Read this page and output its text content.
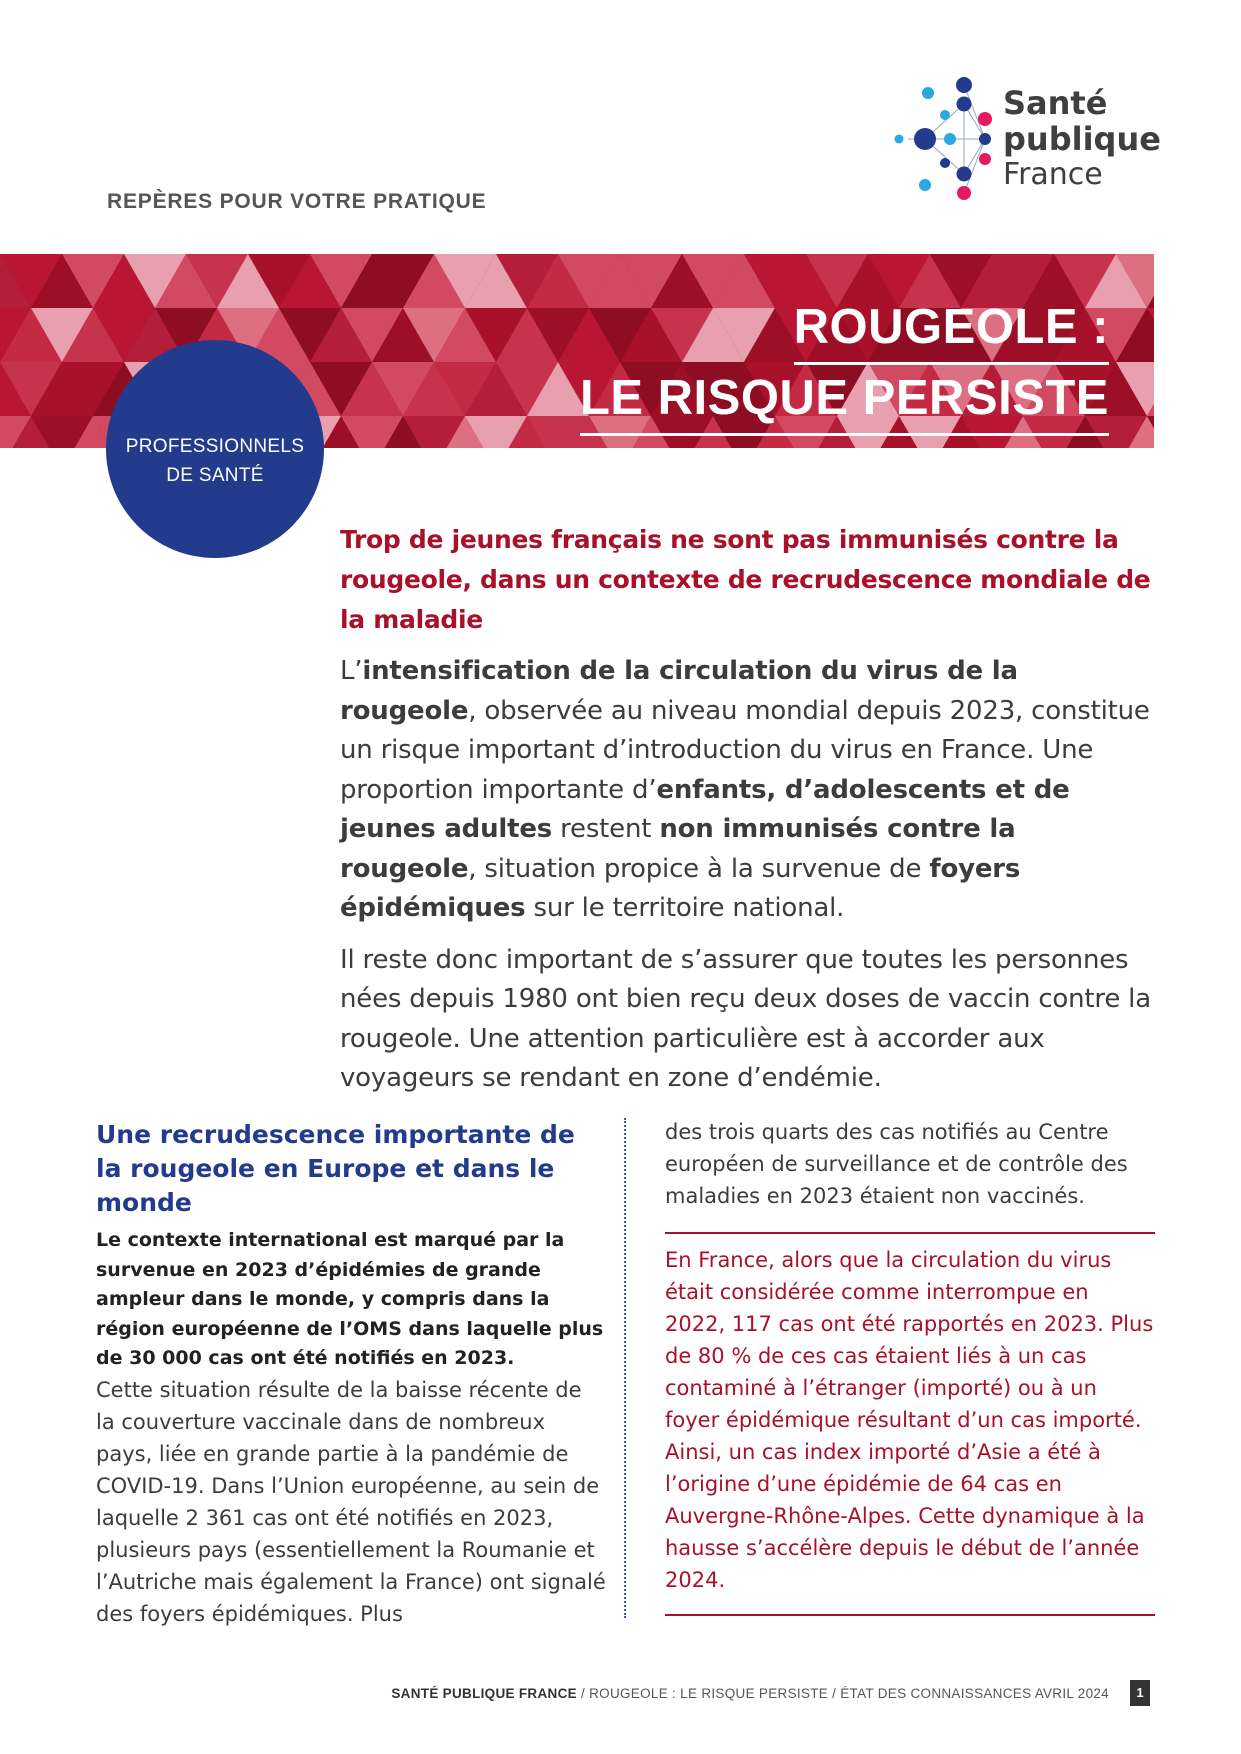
REPÈRES POUR VOTRE PRATIQUE
Santé
publique
France
ROUGEOLE :
LE RISQUE PERSISTE
PROFESSIONNELS
DE SANTÉ
Trop de jeunes français ne sont pas immunisés contre la rougeole, dans un contexte de recrudescence mondiale de la maladie

L’intensification de la circulation du virus de la rougeole, observée au niveau mondial depuis 2023, constitue un risque important d’introduction du virus en France. Une proportion importante d’enfants, d’adolescents et de jeunes adultes restent non immunisés contre la rougeole, situation propice à la survenue de foyers épidémiques sur le territoire national.

Il reste donc important de s’assurer que toutes les personnes nées depuis 1980 ont bien reçu deux doses de vaccin contre la rougeole. Une attention particulière est à accorder aux voyageurs se rendant en zone d’endémie.

Une recrudescence importante de la rougeole en Europe et dans le monde

Le contexte international est marqué par la survenue en 2023 d’épidémies de grande ampleur dans le monde, y compris dans la région européenne de l’OMS dans laquelle plus de 30 000 cas ont été notifiés en 2023.

Cette situation résulte de la baisse récente de la couverture vaccinale dans de nombreux pays, liée en grande partie à la pandémie de COVID-19. Dans l’Union européenne, au sein de laquelle 2 361 cas ont été notifiés en 2023, plusieurs pays (essentiellement la Roumanie et l’Autriche mais également la France) ont signalé des foyers épidémiques. Plus

des trois quarts des cas notifiés au Centre européen de surveillance et de contrôle des maladies en 2023 étaient non vaccinés.

En France, alors que la circulation du virus était considérée comme interrompue en 2022, 117 cas ont été rapportés en 2023. Plus de 80 % de ces cas étaient liés à un cas contaminé à l’étranger (importé) ou à un foyer épidémique résultant d’un cas importé. Ainsi, un cas index importé d’Asie a été à l’origine d’une épidémie de 64 cas en Auvergne-Rhône-Alpes. Cette dynamique à la hausse s’accélère depuis le début de l’année 2024.
SANTÉ PUBLIQUE FRANCE / ROUGEOLE : LE RISQUE PERSISTE / ÉTAT DES CONNAISSANCES AVRIL 2024	1
